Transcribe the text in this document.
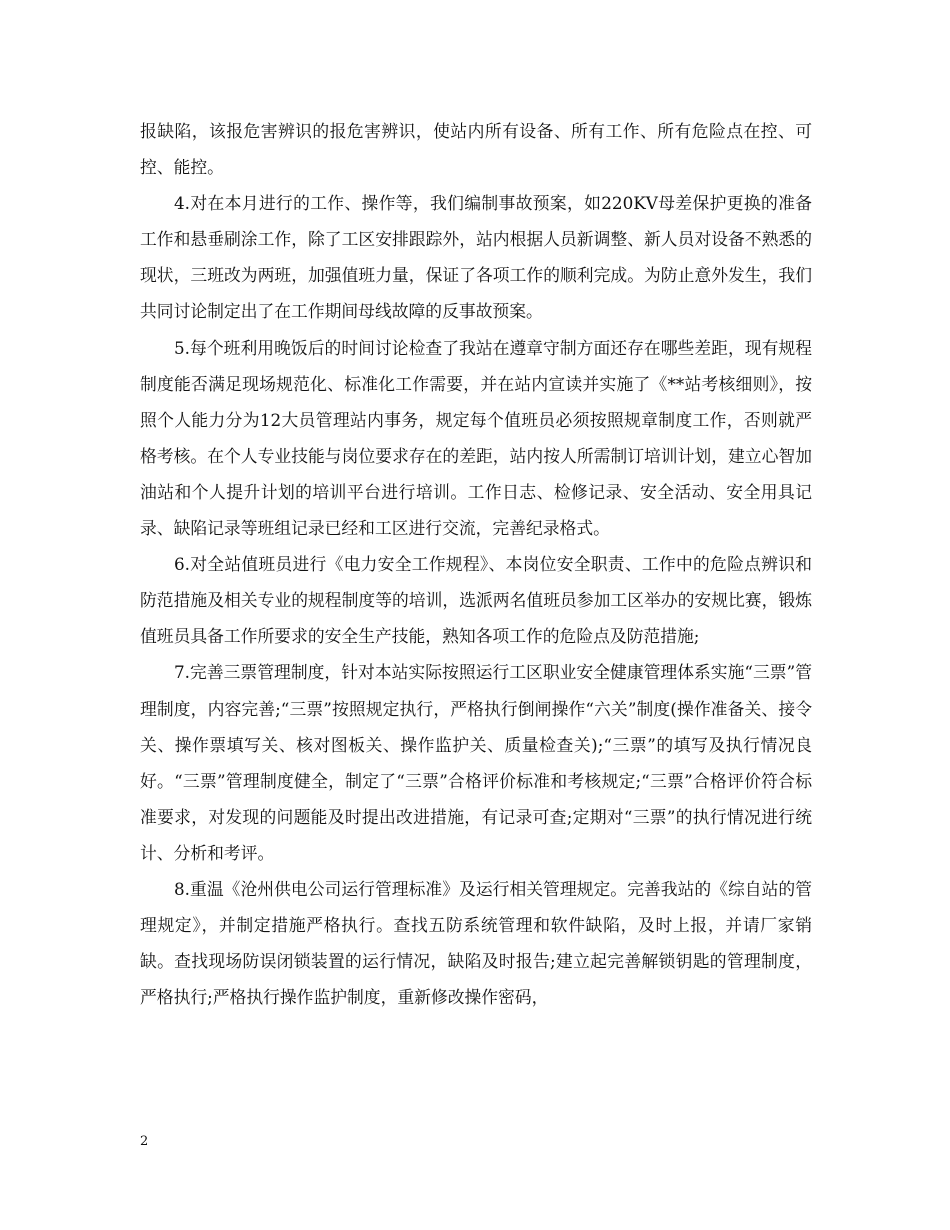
报缺陷，该报危害辨识的报危害辨识，使站内所有设备、所有工作、所有危险点在控、可控、能控。

4.对在本月进行的工作、操作等，我们编制事故预案，如220KV母差保护更换的准备工作和悬垂刷涂工作，除了工区安排跟踪外，站内根据人员新调整、新人员对设备不熟悉的现状，三班改为两班，加强值班力量，保证了各项工作的顺利完成。为防止意外发生，我们共同讨论制定出了在工作期间母线故障的反事故预案。

5.每个班利用晚饭后的时间讨论检查了我站在遵章守制方面还存在哪些差距，现有规程制度能否满足现场规范化、标准化工作需要，并在站内宣读并实施了《**站考核细则》，按照个人能力分为12大员管理站内事务，规定每个值班员必须按照规章制度工作，否则就严格考核。在个人专业技能与岗位要求存在的差距，站内按人所需制订培训计划，建立心智加油站和个人提升计划的培训平台进行培训。工作日志、检修记录、安全活动、安全用具记录、缺陷记录等班组记录已经和工区进行交流，完善纪录格式。

6.对全站值班员进行《电力安全工作规程》、本岗位安全职责、工作中的危险点辨识和防范措施及相关专业的规程制度等的培训，选派两名值班员参加工区举办的安规比赛，锻炼值班员具备工作所要求的安全生产技能，熟知各项工作的危险点及防范措施;

7.完善三票管理制度，针对本站实际按照运行工区职业安全健康管理体系实施“三票”管理制度，内容完善;“三票”按照规定执行，严格执行倒闸操作“六关”制度(操作准备关、接令关、操作票填写关、核对图板关、操作监护关、质量检查关);“三票”的填写及执行情况良好。“三票”管理制度健全，制定了“三票”合格评价标准和考核规定;“三票”合格评价符合标准要求，对发现的问题能及时提出改进措施，有记录可查;定期对“三票”的执行情况进行统计、分析和考评。

8.重温《沧州供电公司运行管理标准》及运行相关管理规定。完善我站的《综自站的管理规定》，并制定措施严格执行。查找五防系统管理和软件缺陷，及时上报，并请厂家销缺。查找现场防误闭锁装置的运行情况，缺陷及时报告;建立起完善解锁钥匙的管理制度，严格执行;严格执行操作监护制度，重新修改操作密码，

2
